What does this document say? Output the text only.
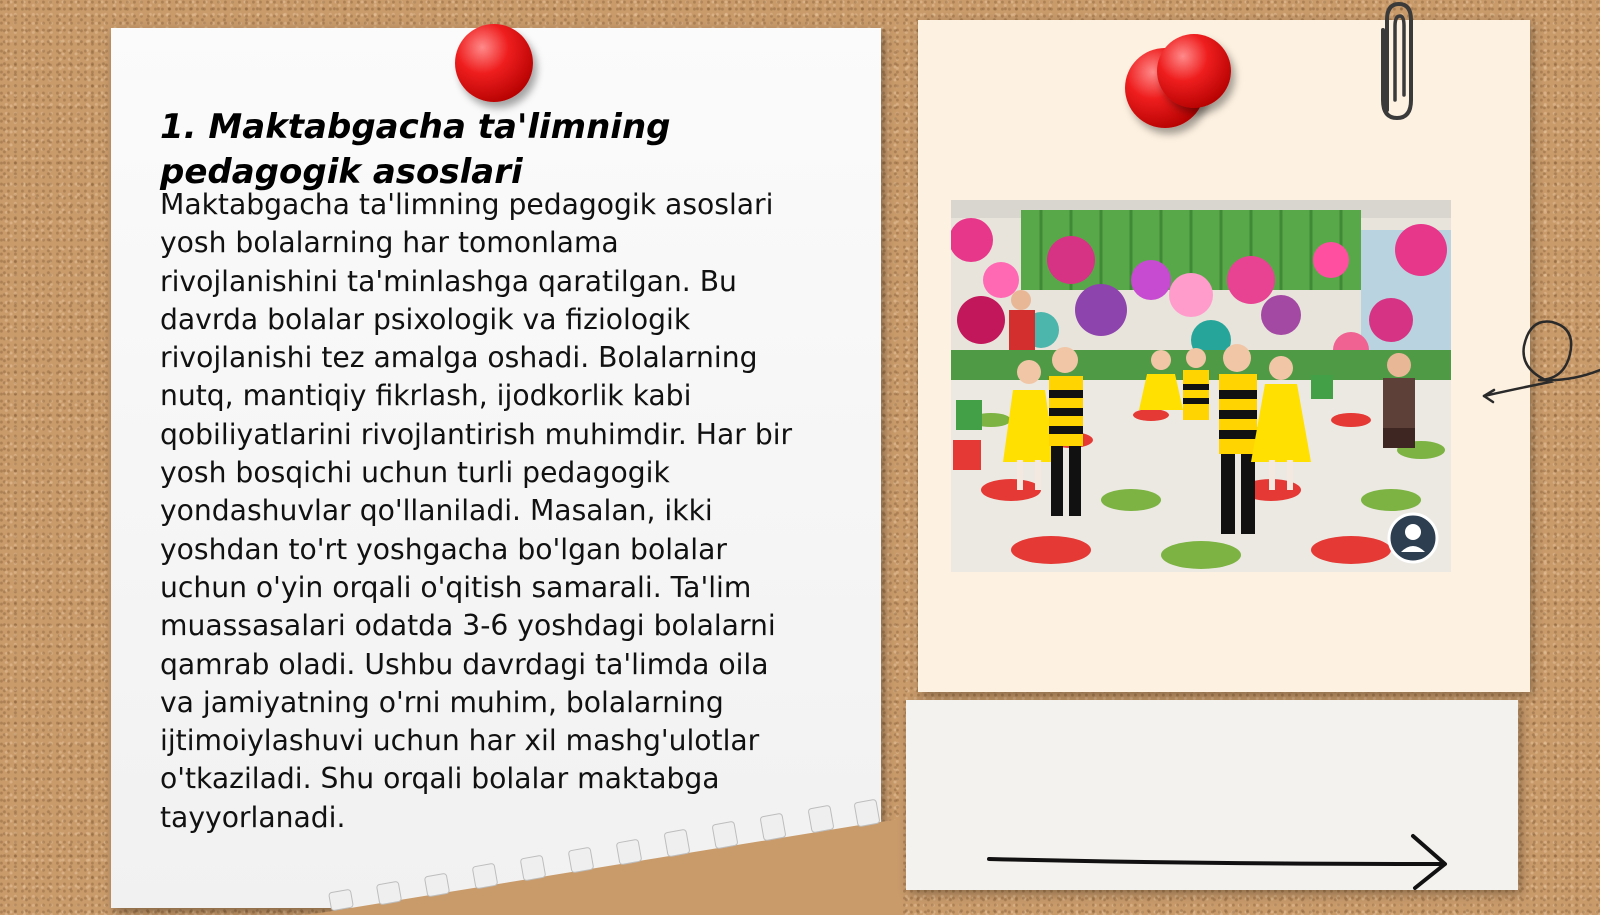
1. Maktabgacha ta'limning pedagogik asoslari

Maktabgacha ta'limning pedagogik asoslari
yosh bolalarning har tomonlama
rivojlanishini ta'minlashga qaratilgan. Bu
davrda bolalar psixologik va fiziologik
rivojlanishi tez amalga oshadi. Bolalarning
nutq, mantiqiy fikrlash, ijodkorlik kabi
qobiliyatlarini rivojlantirish muhimdir. Har bir
yosh bosqichi uchun turli pedagogik
yondashuvlar qo'llaniladi. Masalan, ikki
yoshdan to'rt yoshgacha bo'lgan bolalar
uchun o'yin orqali o'qitish samarali. Ta'lim
muassasalari odatda 3-6 yoshdagi bolalarni
qamrab oladi. Ushbu davrdagi ta'limda oila
va jamiyatning o'rni muhim, bolalarning
ijtimoiylashuvi uchun har xil mashg'ulotlar
o'tkaziladi. Shu orqali bolalar maktabga
tayyorlanadi.
